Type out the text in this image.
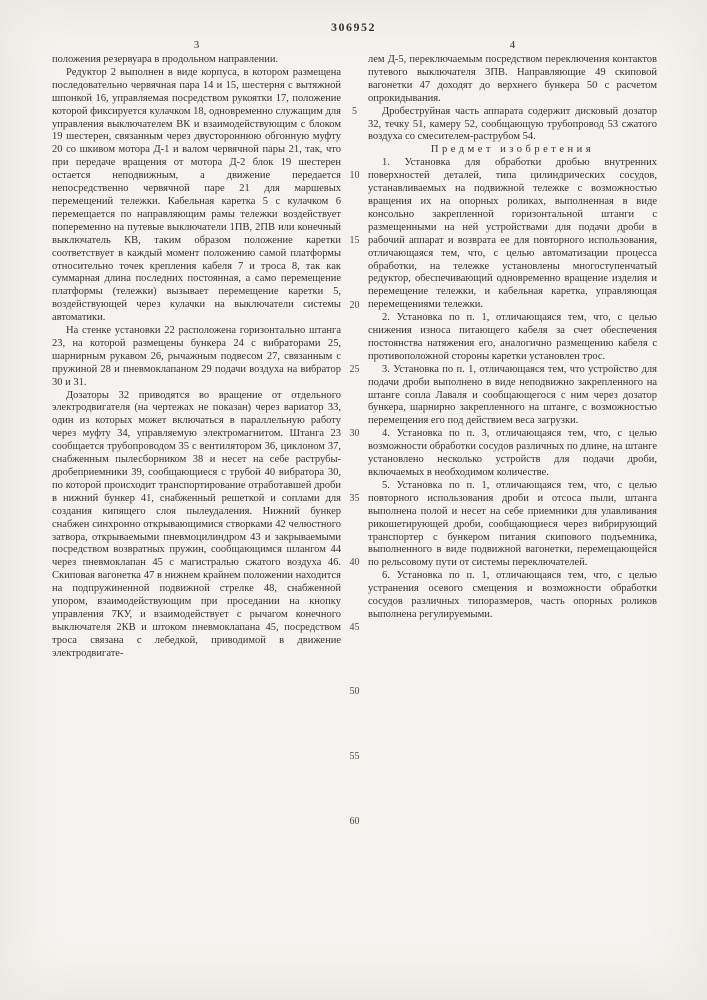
306952
3	4

положения резервуара в продольном направлении.

Редуктор 2 выполнен в виде корпуса, в котором размещена последовательно червячная пара 14 и 15, шестерня с вытяжной шпонкой 16, управляемая посредством рукоятки 17, положение которой фиксируется кулачком 18, одновременно служащим для управления выключателем ВК и взаимодействующим с блоком 19 шестерен, связанным через двустороннюю обгонную муфту 20 со шкивом мотора Д-1 и валом червячной пары 21, так, что при передаче вращения от мотора Д-2 блок 19 шестерен остается неподвижным, а движение передается непосредственно червячной паре 21 для маршевых перемещений тележки. Кабельная каретка 5 с кулачком 6 перемещается по направляющим рамы тележки воздействует попеременно на путевые выключатели 1ПВ, 2ПВ или конечный выключатель КВ, таким образом положение каретки соответствует в каждый момент положению самой платформы относительно точек крепления кабеля 7 и троса 8, так как суммарная длина последних постоянная, а само перемещение платформы (тележки) вызывает перемещение каретки 5, воздействующей через кулачки на выключатели системы автоматики.

На стенке установки 22 расположена горизонтально штанга 23, на которой размещены бункера 24 с вибраторами 25, шарнирным рукавом 26, рычажным подвесом 27, связанным с пружиной 28 и пневмоклапаном 29 подачи воздуха на вибратор 30 и 31.

Дозаторы 32 приводятся во вращение от отдельного электродвигателя (на чертежах не показан) через вариатор 33, один из которых может включаться в параллельную работу через муфту 34, управляемую электромагнитом. Штанга 23 сообщается трубопроводом 35 с вентилятором 36, циклоном 37, снабженным пылесборником 38 и несет на себе раструбы-дробеприемники 39, сообщающиеся с трубой 40 вибратора 30, по которой происходит транспортирование отработавшей дроби в нижний бункер 41, снабженный решеткой и соплами для создания кипящего слоя пылеудаления. Нижний бункер снабжен синхронно открывающимися створками 42 челюстного затвора, открываемыми пневмоцилиндром 43 и закрываемыми посредством возвратных пружин, сообщающимся шлангом 44 через пневмоклапан 45 с магистралью сжатого воздуха 46. Скиповая вагонетка 47 в нижнем крайнем положении находится на подпружиненной подвижной стрелке 48, снабженной упором, взаимодействующим при проседании на кнопку управления 7КУ, и взаимодействует с рычагом конечного выключателя 2КВ и штоком пневмоклапана 45, посредством троса связана с лебедкой, приводимой в движение электродвигате-

5
10
15
20
25
30
35
40
45
50
55
60

лем Д-5, переключаемым посредством переключения контактов путевого выключателя 3ПВ. Направляющие 49 скиповой вагонетки 47 доходят до верхнего бункера 50 с расчетом опрокидывания.

Дробеструйная часть аппарата содержит дисковый дозатор 32, течку 51, камеру 52, сообщающую трубопровод 53 сжатого воздуха со смесителем-раструбом 54.

Предмет изобретения

1. Установка для обработки дробью внутренних поверхностей деталей, типа цилиндрических сосудов, устанавливаемых на подвижной тележке с возможностью вращения их на опорных роликах, выполненная в виде консольно закрепленной горизонтальной штанги с размещенными на ней устройствами для подачи дроби в рабочий аппарат и возврата ее для повторного использования, отличающаяся тем, что, с целью автоматизации процесса обработки, на тележке установлены многоступенчатый редуктор, обеспечивающий одновременно вращение изделия и перемещение тележки, и кабельная каретка, управляющая перемещениями тележки.

2. Установка по п. 1, отличающаяся тем, что, с целью снижения износа питающего кабеля за счет обеспечения постоянства натяжения его, аналогично размещению кабеля с противоположной стороны каретки установлен трос.

3. Установка по п. 1, отличающаяся тем, что устройство для подачи дроби выполнено в виде неподвижно закрепленного на штанге сопла Лаваля и сообщающегося с ним через дозатор бункера, шарнирно закрепленного на штанге, с возможностью перемещения его под действием веса загрузки.

4. Установка по п. 3, отличающаяся тем, что, с целью возможности обработки сосудов различных по длине, на штанге установлено несколько устройств для подачи дроби, включаемых в необходимом количестве.

5. Установка по п. 1, отличающаяся тем, что, с целью повторного использования дроби и отсоса пыли, штанга выполнена полой и несет на себе приемники для улавливания рикошетирующей дроби, сообщающиеся через вибрирующий транспортер с бункером питания скипового подъемника, выполненного в виде подвижной вагонетки, перемещающейся по рельсовому пути от системы переключателей.

6. Установка по п. 1, отличающаяся тем, что, с целью устранения осевого смещения и возможности обработки сосудов различных типоразмеров, часть опорных роликов выполнена регулируемыми.
